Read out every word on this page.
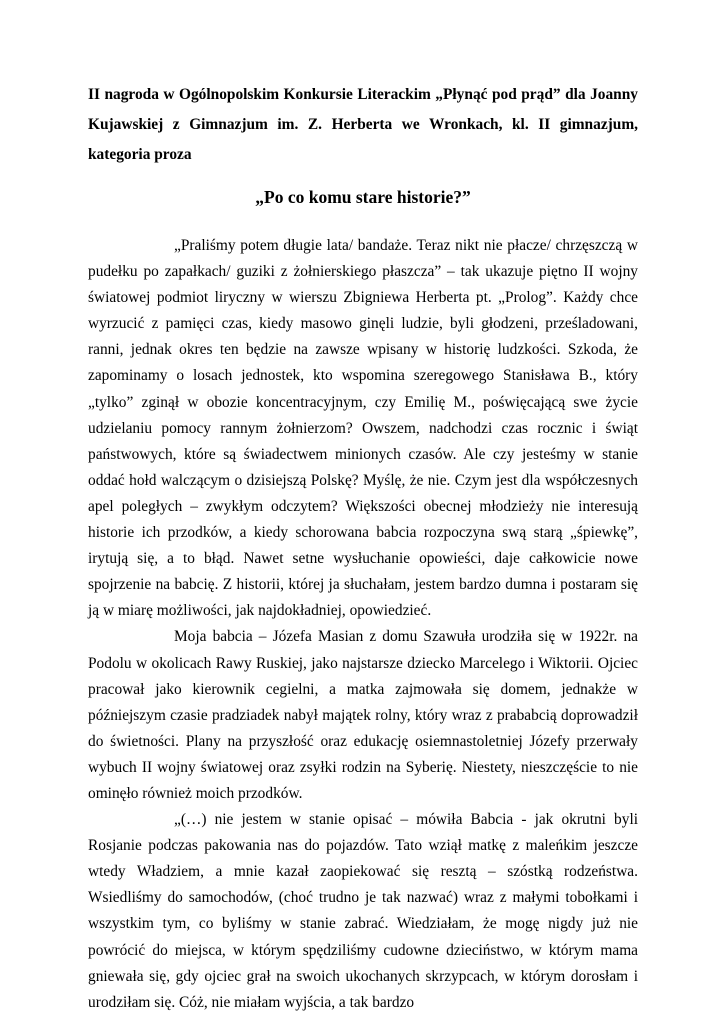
II nagroda w Ogólnopolskim Konkursie Literackim „Płynąć pod prąd” dla Joanny Kujawskiej z Gimnazjum im. Z. Herberta we Wronkach, kl. II gimnazjum, kategoria proza
„Po co komu stare historie?”

„Praliśmy potem długie lata/ bandaże. Teraz nikt nie płacze/ chrzęszczą w pudełku po zapałkach/ guziki z żołnierskiego płaszcza” – tak ukazuje piętno II wojny światowej podmiot liryczny w wierszu Zbigniewa Herberta pt. „Prolog”. Każdy chce wyrzucić z pamięci czas, kiedy masowo ginęli ludzie, byli głodzeni, prześladowani, ranni, jednak okres ten będzie na zawsze wpisany w historię ludzkości. Szkoda, że zapominamy o losach jednostek, kto wspomina szeregowego Stanisława B., który „tylko” zginął w obozie koncentracyjnym, czy Emilię M., poświęcającą swe życie udzielaniu pomocy rannym żołnierzom? Owszem, nadchodzi czas rocznic i świąt państwowych, które są świadectwem minionych czasów. Ale czy jesteśmy w stanie oddać hołd walczącym o dzisiejszą Polskę? Myślę, że nie. Czym jest dla współczesnych apel poległych – zwykłym odczytem? Większości obecnej młodzieży nie interesują historie ich przodków, a kiedy schorowana babcia rozpoczyna swą starą „śpiewkę”, irytują się, a to błąd. Nawet setne wysłuchanie opowieści, daje całkowicie nowe spojrzenie na babcię. Z historii, której ja słuchałam, jestem bardzo dumna i postaram się ją w miarę możliwości, jak najdokładniej, opowiedzieć.

Moja babcia – Józefa Masian z domu Szawuła urodziła się w 1922r. na Podolu w okolicach Rawy Ruskiej, jako najstarsze dziecko Marcelego i Wiktorii. Ojciec pracował jako kierownik cegielni, a matka zajmowała się domem, jednakże w późniejszym czasie pradziadek nabył majątek rolny, który wraz z prababcią doprowadził do świetności. Plany na przyszłość oraz edukację osiemnastoletniej Józefy przerwały wybuch II wojny światowej oraz zsyłki rodzin na Syberię. Niestety, nieszczęście to nie ominęło również moich przodków.

„(…) nie jestem w stanie opisać – mówiła Babcia - jak okrutni byli Rosjanie podczas pakowania nas do pojazdów. Tato wziął matkę z maleńkim jeszcze wtedy Władziem, a mnie kazał zaopiekować się resztą – szóstką rodzeństwa. Wsiedliśmy do samochodów, (choć trudno je tak nazwać) wraz z małymi tobołkami i wszystkim tym, co byliśmy w stanie zabrać. Wiedziałam, że mogę nigdy już nie powrócić do miejsca, w którym spędziliśmy cudowne dzieciństwo, w którym mama gniewała się, gdy ojciec grał na swoich ukochanych skrzypcach, w którym dorosłam i urodziłam się. Cóż, nie miałam wyjścia, a tak bardzo
